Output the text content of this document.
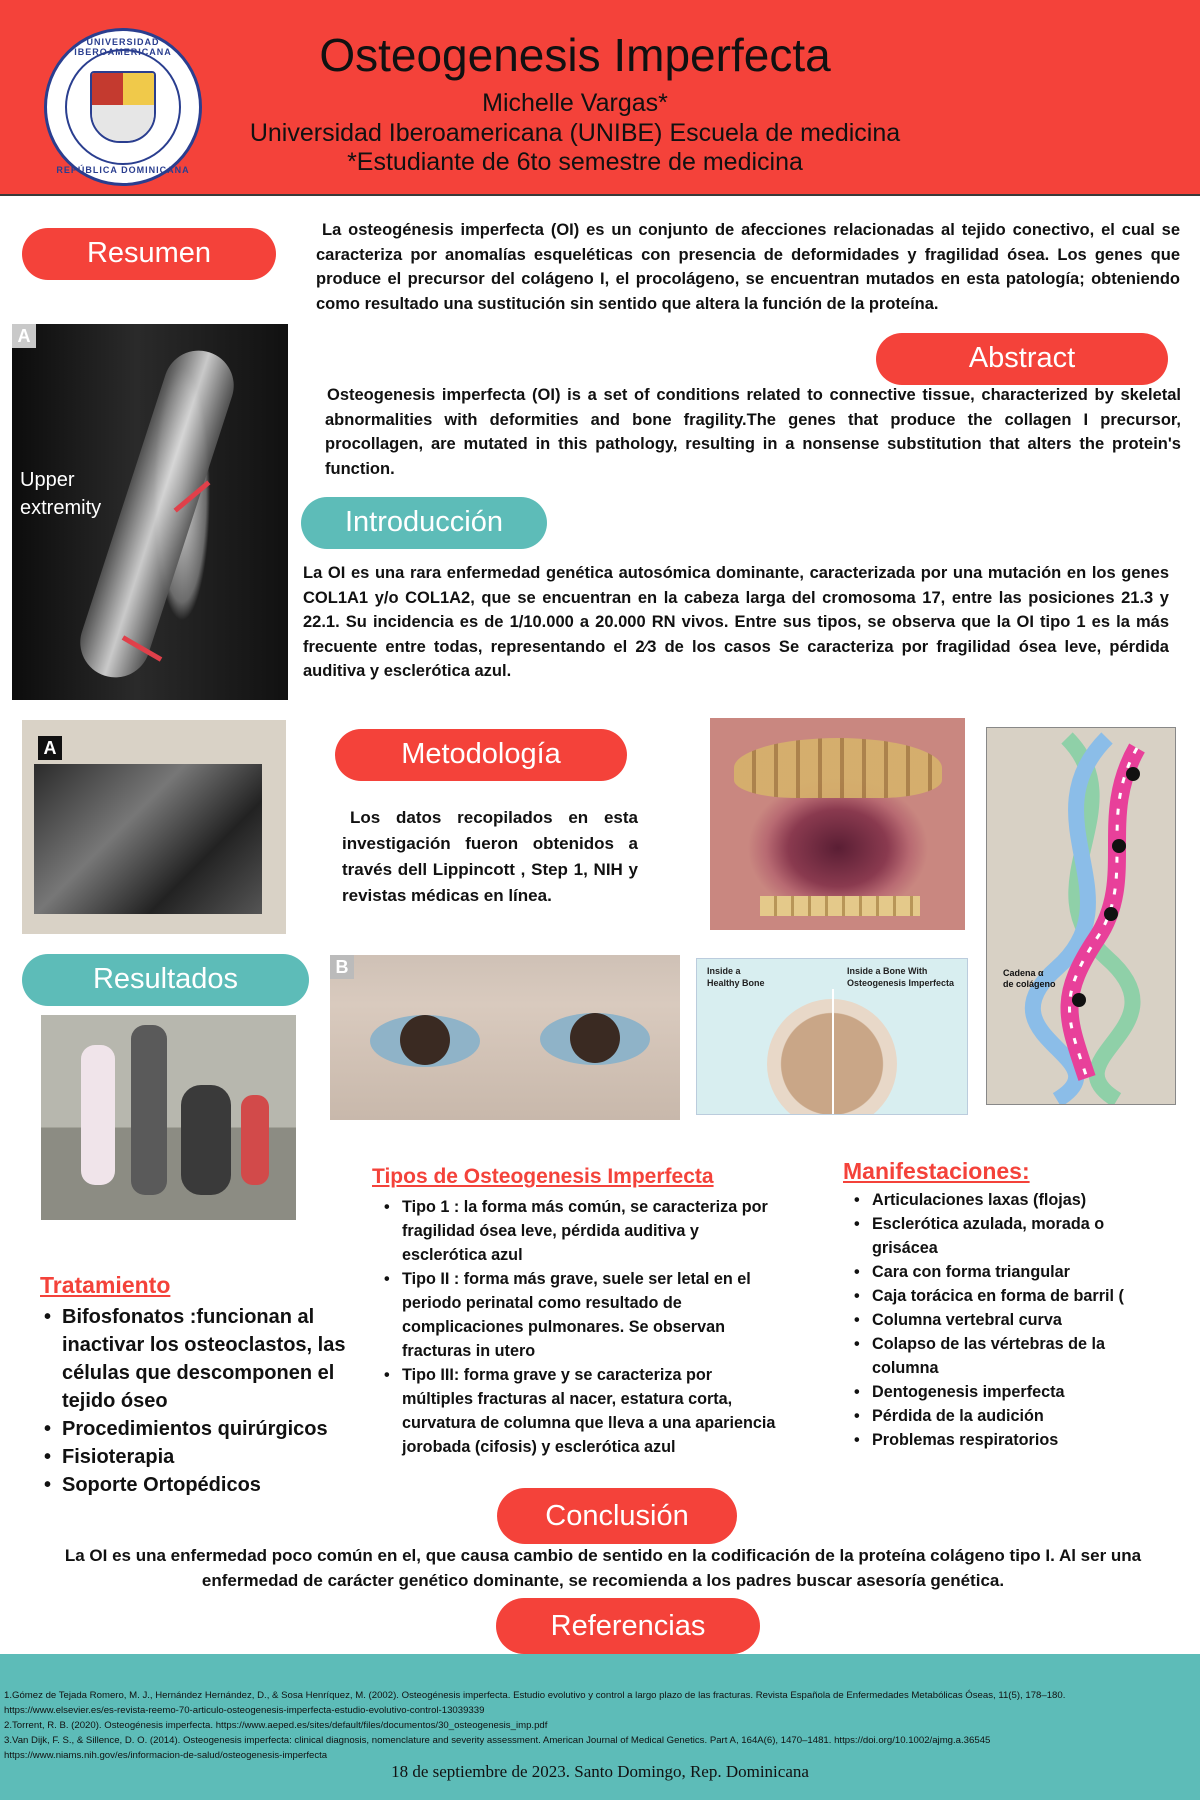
UNIVERSIDAD IBEROAMERICANA
REPÚBLICA DOMINICANA
Osteogenesis Imperfecta
Michelle Vargas*
Universidad Iberoamericana (UNIBE) Escuela de medicina
*Estudiante de 6to semestre de medicina
Resumen
La osteogénesis imperfecta (OI) es un conjunto de afecciones relacionadas al tejido conectivo, el cual se caracteriza por anomalías esqueléticas con presencia de deformidades y fragilidad ósea. Los genes que produce el precursor del colágeno I, el procolágeno, se encuentran mutados en esta patología; obteniendo como resultado una sustitución sin sentido que altera la función de la proteína.
A
Upper
extremity
Abstract
Osteogenesis imperfecta (OI) is a set of conditions related to connective tissue, characterized by skeletal abnormalities with deformities and bone fragility.The genes that produce the collagen I precursor, procollagen, are mutated in this pathology, resulting in a nonsense substitution that alters the protein's function.
Introducción
La OI es una rara enfermedad genética autosómica dominante, caracterizada por una mutación en los genes COL1A1 y/o COL1A2, que se encuentran en la cabeza larga del cromosoma 17, entre las posiciones 21.3 y 22.1. Su incidencia es de 1/10.000 a 20.000 RN vivos. Entre sus tipos, se observa que la OI tipo 1 es la más frecuente entre todas, representando el 2⁄3 de los casos Se caracteriza por fragilidad ósea leve, pérdida auditiva y esclerótica azul.
A	Metodología
Los datos recopilados en esta investigación fueron obtenidos a través dell Lippincott , Step 1, NIH y revistas médicas en línea.
Cadena α
de colágeno
Resultados	B	Inside a
Healthy Bone
Inside a Bone With
Osteogenesis Imperfecta
Tipos de Osteogenesis Imperfecta
• Tipo 1 : la forma más común, se caracteriza por fragilidad ósea leve, pérdida auditiva y esclerótica azul
• Tipo II : forma más grave, suele ser letal en el periodo perinatal como resultado de complicaciones pulmonares. Se observan fracturas in utero
• Tipo III: forma grave y se caracteriza por múltiples fracturas al nacer, estatura corta, curvatura de columna que lleva a una apariencia jorobada (cifosis) y esclerótica azul
Manifestaciones:
• Articulaciones laxas (flojas)
• Esclerótica azulada, morada o grisácea
• Cara con forma triangular
• Caja torácica en forma de barril (
• Columna vertebral curva
• Colapso de las vértebras de la columna
• Dentogenesis imperfecta
• Pérdida de la audición
• Problemas respiratorios
Tratamiento
• Bifosfonatos :funcionan al inactivar los osteoclastos, las células que descomponen el tejido óseo
• Procedimientos quirúrgicos
• Fisioterapia
• Soporte Ortopédicos
Conclusión
La OI es una enfermedad poco común en el, que causa cambio de sentido en la codificación de la proteína colágeno tipo I. Al ser una enfermedad de carácter genético dominante, se recomienda a los padres buscar asesoría genética.
Referencias
1.Gómez de Tejada Romero, M. J., Hernández Hernández, D., & Sosa Henríquez, M. (2002). Osteogénesis imperfecta. Estudio evolutivo y control a largo plazo de las fracturas. Revista Española de Enfermedades Metabólicas Óseas, 11(5), 178–180.
https://www.elsevier.es/es-revista-reemo-70-articulo-osteogenesis-imperfecta-estudio-evolutivo-control-13039339
2.Torrent, R. B. (2020). Osteogénesis imperfecta. https://www.aeped.es/sites/default/files/documentos/30_osteogenesis_imp.pdf
3.Van Dijk, F. S., & Sillence, D. O. (2014). Osteogenesis imperfecta: clinical diagnosis, nomenclature and severity assessment. American Journal of Medical Genetics. Part A, 164A(6), 1470–1481. https://doi.org/10.1002/ajmg.a.36545
https://www.niams.nih.gov/es/informacion-de-salud/osteogenesis-imperfecta
18 de septiembre de 2023. Santo Domingo, Rep. Dominicana
